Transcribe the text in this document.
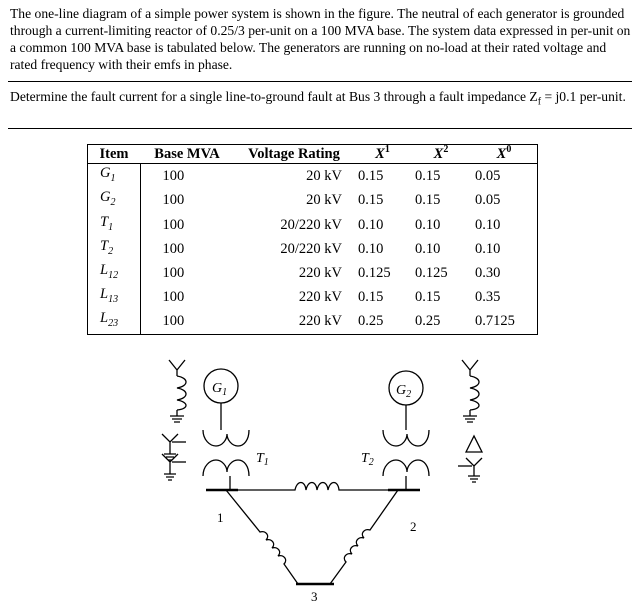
The one-line diagram of a simple power system is shown in the figure. The neutral of each generator is grounded through a current-limiting reactor of 0.25/3 per-unit on a 100 MVA base. The system data expressed in per-unit on a common 100 MVA base is tabulated below. The generators are running on no-load at their rated voltage and rated frequency with their emfs in phase.

Determine the fault current for a single line-to-ground fault at Bus 3 through a fault impedance $Z_f = j0.1$ per-unit.

Item	Base MVA	Voltage Rating	$X^1$	$X^2$	$X^0$
$G_1$	100	20 kV	0.15	0.15	0.05
$G_2$	100	20 kV	0.15	0.15	0.05
$T_1$	100	20/220 kV	0.10	0.10	0.10
$T_2$	100	20/220 kV	0.10	0.10	0.10
$L_{12}$	100	220 kV	0.125	0.125	0.30
$L_{13}$	100	220 kV	0.15	0.15	0.35
$L_{23}$	100	220 kV	0.25	0.25	0.7125
$G_1$	$G_2$
$T_1$	$T_2$
1
2
3
